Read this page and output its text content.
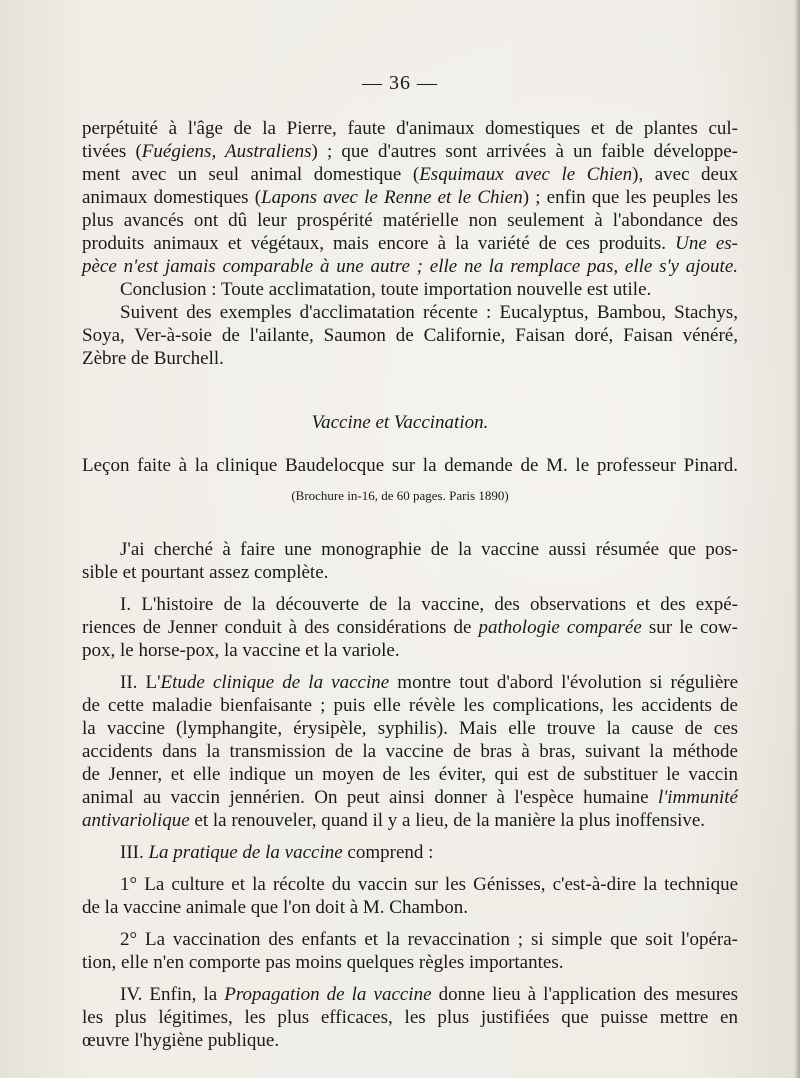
— 36 —
perpétuité à l'âge de la Pierre, faute d'animaux domestiques et de plantes cul-
tivées (Fuégiens, Australiens) ; que d'autres sont arrivées à un faible développe-
ment avec un seul animal domestique (Esquimaux avec le Chien), avec deux
animaux domestiques (Lapons avec le Renne et le Chien) ; enfin que les peuples les
plus avancés ont dû leur prospérité matérielle non seulement à l'abondance des
produits animaux et végétaux, mais encore à la variété de ces produits. Une es-
pèce n'est jamais comparable à une autre ; elle ne la remplace pas, elle s'y ajoute.
Conclusion : Toute acclimatation, toute importation nouvelle est utile.
Suivent des exemples d'acclimatation récente : Eucalyptus, Bambou, Stachys,
Soya, Ver-à-soie de l'ailante, Saumon de Californie, Faisan doré, Faisan vénéré,
Zèbre de Burchell.
Vaccine et Vaccination.
Leçon faite à la clinique Baudelocque sur la demande de M. le professeur Pinard.
(Brochure in-16, de 60 pages. Paris 1890)
J'ai cherché à faire une monographie de la vaccine aussi résumée que pos-
sible et pourtant assez complète.
I. L'histoire de la découverte de la vaccine, des observations et des expé-
riences de Jenner conduit à des considérations de pathologie comparée sur le cow-
pox, le horse-pox, la vaccine et la variole.
II. L'Etude clinique de la vaccine montre tout d'abord l'évolution si régulière
de cette maladie bienfaisante ; puis elle révèle les complications, les accidents de
la vaccine (lymphangite, érysipèle, syphilis). Mais elle trouve la cause de ces
accidents dans la transmission de la vaccine de bras à bras, suivant la méthode
de Jenner, et elle indique un moyen de les éviter, qui est de substituer le vaccin
animal au vaccin jennérien. On peut ainsi donner à l'espèce humaine l'immunité
antivariolique et la renouveler, quand il y a lieu, de la manière la plus inoffensive.
III. La pratique de la vaccine comprend :
1° La culture et la récolte du vaccin sur les Génisses, c'est-à-dire la technique
de la vaccine animale que l'on doit à M. Chambon.
2° La vaccination des enfants et la revaccination ; si simple que soit l'opéra-
tion, elle n'en comporte pas moins quelques règles importantes.
IV. Enfin, la Propagation de la vaccine donne lieu à l'application des mesures
les plus légitimes, les plus efficaces, les plus justifiées que puisse mettre en
œuvre l'hygiène publique.
